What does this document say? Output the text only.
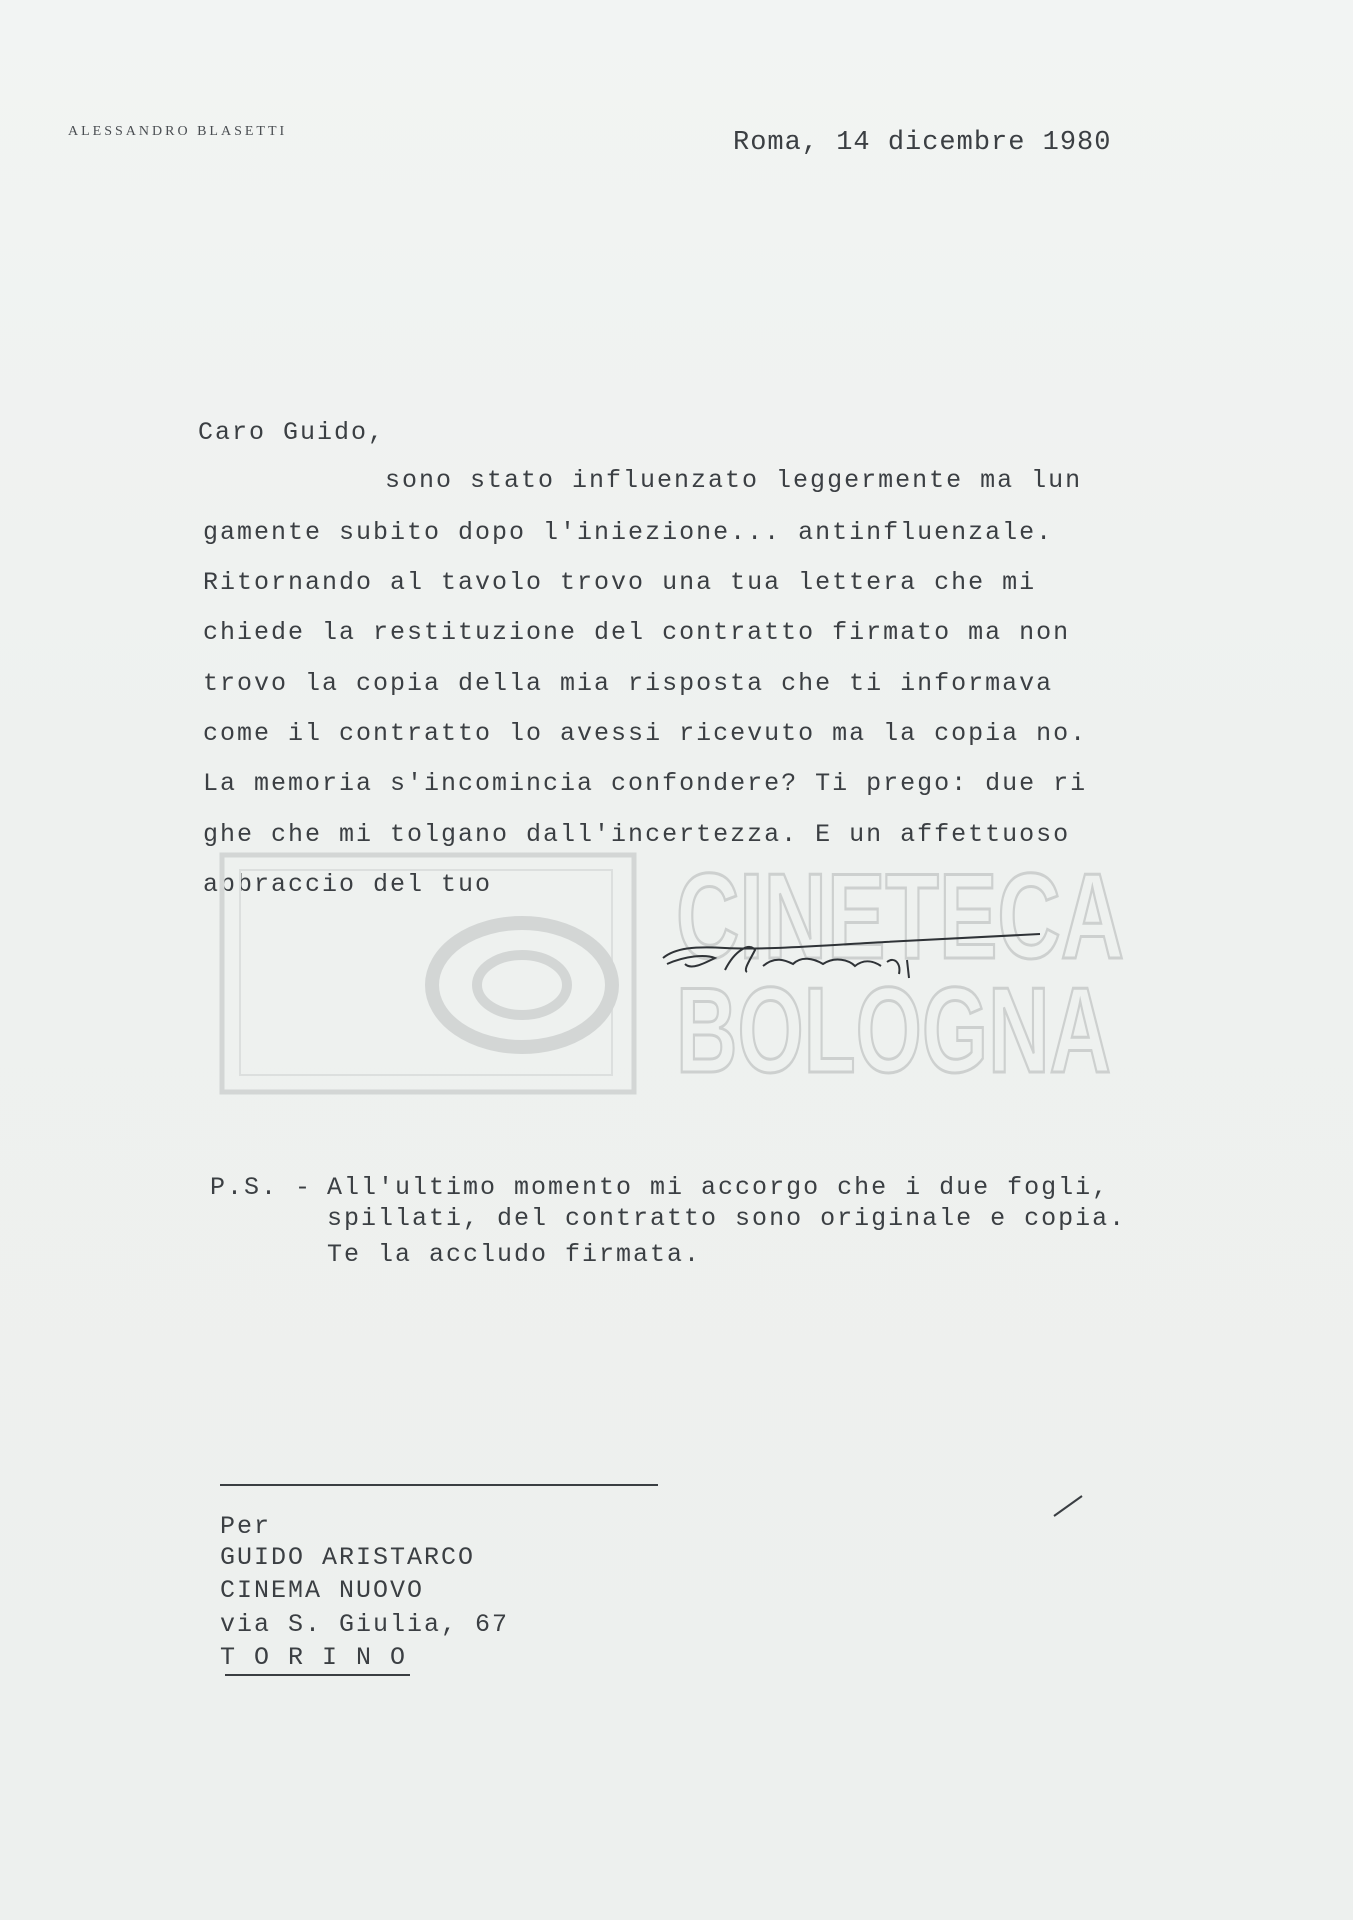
ALESSANDRO BLASETTI	Roma, 14 dicembre 1980
Caro Guido,
sono stato influenzato leggermente ma lun
gamente subito dopo l'iniezione... antinfluenzale.
Ritornando al tavolo trovo una tua lettera che mi
chiede la restituzione del contratto firmato ma non
trovo la copia della mia risposta che ti informava
come il contratto lo avessi ricevuto ma la copia no.
La memoria s'incomincia confondere? Ti prego: due ri
ghe che mi tolgano dall'incertezza. E un affettuoso
abbraccio del tuo CINETECA
BOLOGNA
P.S. - All'ultimo momento mi accorgo che i due fogli,
spillati, del contratto sono originale e copia.
Te la accludo firmata.
Per
GUIDO ARISTARCO
CINEMA NUOVO
via S. Giulia, 67
T O R I N O
